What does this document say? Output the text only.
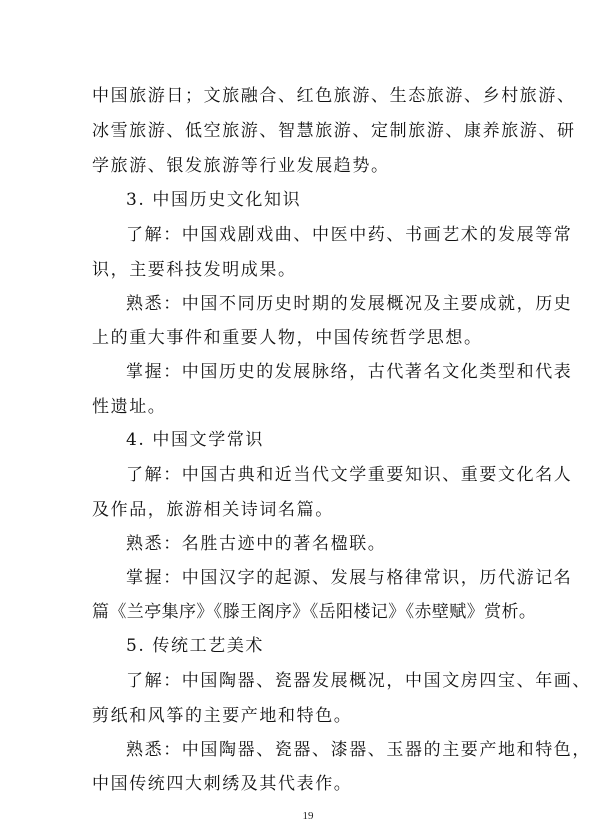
中国旅游日；文旅融合、红色旅游、生态旅游、乡村旅游、
冰雪旅游、低空旅游、智慧旅游、定制旅游、康养旅游、研
学旅游、银发旅游等行业发展趋势。
3. 中国历史文化知识
了解：中国戏剧戏曲、中医中药、书画艺术的发展等常
识，主要科技发明成果。
熟悉：中国不同历史时期的发展概况及主要成就，历史
上的重大事件和重要人物，中国传统哲学思想。
掌握：中国历史的发展脉络，古代著名文化类型和代表
性遗址。
4. 中国文学常识
了解：中国古典和近当代文学重要知识、重要文化名人
及作品，旅游相关诗词名篇。
熟悉：名胜古迹中的著名楹联。
掌握：中国汉字的起源、发展与格律常识，历代游记名
篇《兰亭集序》《滕王阁序》《岳阳楼记》《赤壁赋》赏析。
5. 传统工艺美术
了解：中国陶器、瓷器发展概况，中国文房四宝、年画、
剪纸和风筝的主要产地和特色。
熟悉：中国陶器、瓷器、漆器、玉器的主要产地和特色，
中国传统四大刺绣及其代表作。
19
